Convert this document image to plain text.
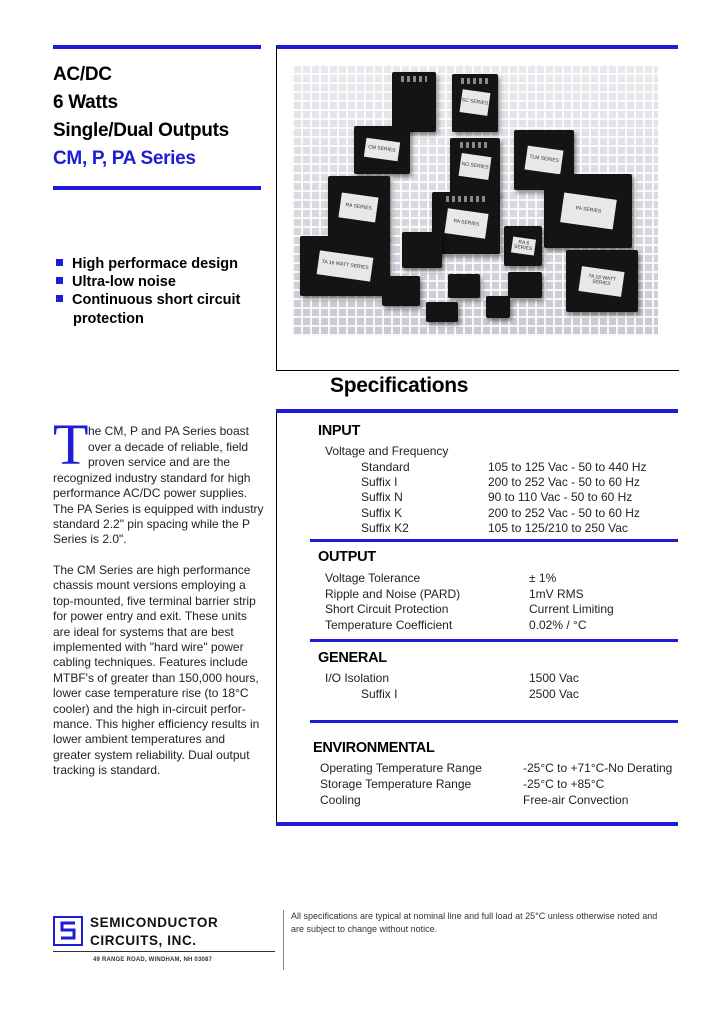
AC/DC
6 Watts
Single/Dual Outputs
CM, P, PA Series
High performace design
Ultra-low noise
Continuous short circuit
protection
SC SERIES
CM SERIES
NO SERIES
TLM SERIES
RA SERIES
PA SERIES
PA SERIES
TA 16 WATT SERIES
TA 18 WATT SERIES
RA 6 SERIES
Specifications
T he CM, P and PA Series boast
over a decade of reliable, field
proven service and are the
recognized industry standard for high
performance AC/DC power supplies.
The PA Series is equipped with industry
standard 2.2" pin spacing while the P
Series is 2.0".
The CM Series are high performance
chassis mount versions employing a
top-mounted, five terminal barrier strip
for power entry and exit. These units
are ideal for systems that are best
implemented with "hard wire" power
cabling techniques. Features include
MTBF's of greater than 150,000 hours,
lower case temperature rise (to 18°C
cooler) and the high in-circuit perfor-
mance. This higher efficiency results in
lower ambient temperatures and
greater system reliability. Dual output
tracking is standard.
INPUT
Voltage and Frequency
Standard	105 to 125 Vac - 50 to 440 Hz
Suffix I	200 to 252 Vac - 50 to 60 Hz
Suffix N	90 to 110 Vac - 50 to 60 Hz
Suffix K	200 to 252 Vac - 50 to 60 Hz
Suffix K2	105 to 125/210 to 250 Vac
OUTPUT
Voltage Tolerance	± 1%
Ripple and Noise (PARD)	1mV RMS
Short Circuit Protection	Current Limiting
Temperature Coefficient	0.02% / °C
GENERAL
I/O Isolation	1500 Vac
Suffix I	2500 Vac
ENVIRONMENTAL
Operating Temperature Range	-25°C to +71°C-No Derating
Storage Temperature Range	-25°C to +85°C
Cooling	Free-air Convection
SEMICONDUCTOR
CIRCUITS, INC.
49 RANGE ROAD, WINDHAM, NH 03087
All specifications are typical at nominal line and full load at 25°C unless otherwise noted and
are subject to change without notice.
